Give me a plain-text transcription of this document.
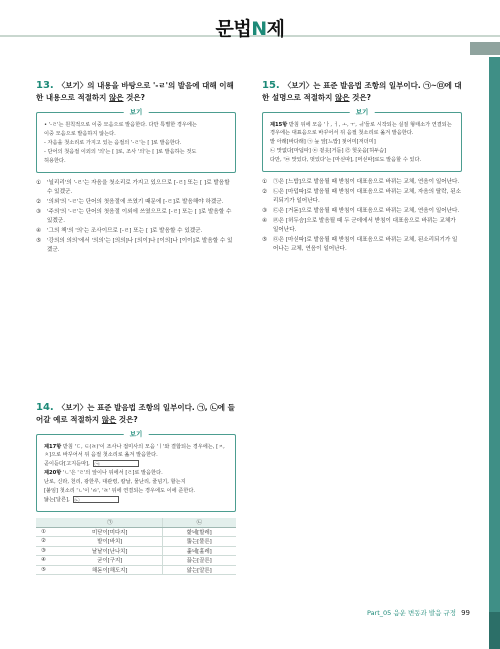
문법N제
13. 〈보기〉의 내용을 바탕으로 '-ㄹ'의 발음에 대해 이해한 내용으로 적절하지 않은 것은?
보기

• '-ㄹ'는 원칙적으로 이중 모음으로 발음한다. 다만 특별한 경우에는

이중 모음으로 발음하지 않는다.

- 자음을 첫소리로 가지고 있는 음절의 '-ㄹ'는 [ ]로 발음한다.

- 단어의 첫음절 이외의 '의'는 [ ]로, 조사 '의'는 [ ]로 발음하는 것도

허용한다.

①	'늴리리'의 '-ㄹ'는 자음을 첫소리로 가지고 있으므로 [-ㄹ] 또는 [ ]로 발음할 수 있겠군.
②	'의외'의 '-ㄹ'는 단어의 첫음절에 쓰였기 때문에 [-ㄹ]로 발음해야 하겠군.
③	'주의'의 '-ㄹ'는 단어의 첫음절 이외에 쓰였으므로 [-ㄹ] 또는 [ ]로 발음할 수 있겠군.
④	'그의 책'의 '의'는 조사이므로 [-ㄹ] 또는 [ ]로 발음할 수 있겠군.
⑤	'강의의 의의'에서 '의의'는 [의의]나 [의이]나 [이의]나 [이이]로 발음할 수 있겠군.
15. 〈보기〉는 표준 발음법 조항의 일부이다. ㉠~㉤에 대한 설명으로 적절하지 않은 것은?
보기

제15항 받침 뒤에 모음 'ㅏ, ㅓ, ㅗ, ㅜ, ㅟ'들로 시작되는 실질 형태소가 연결되는 경우에는 대표음으로 바꾸어서 뒤 음절 첫소리로 옮겨 발음한다.

밭 아래[바다래] ㉠ 늪 앞[느밥] 젖어미[저더미]

㉡ 맛없다[마덥따] ㉢ 겉옷[거돋] ㉣ 헛웃음[허두슴]

다만, '㉤ 맛있다, 멋있다'는 [마싣따], [머싣따]로도 발음할 수 있다.

①	㉠은 [느밥]으로 발음될 때 받침이 대표음으로 바뀌는 교체, 연음이 일어난다.
②	㉡은 [마덥따]로 발음될 때 받침이 대표음으로 바뀌는 교체, 자음의 탈락, 된소리되기가 일어난다.
③	㉢은 [거돋]으로 발음될 때 받침이 대표음으로 바뀌는 교체, 연음이 일어난다.
④	㉣은 [허두슴]으로 발음될 때 두 군데에서 받침이 대표음으로 바뀌는 교체가 일어난다.
⑤	㉤은 [마싣따]로 발음될 때 받침이 대표음으로 바뀌는 교체, 된소리되기가 일어나는 교체, 연음이 일어난다.
14. 〈보기〉는 표준 발음법 조항의 일부이다. ㉠, ㉡에 들어갈 예로 적절하지 않은 것은?
보기

제17항 받침 'ㄷ, ㅌ(ㄾ)'이 조사나 접미사의 모음 'ㅣ'와 결합되는 경우에는, [ㅈ, ㅊ]으로 바꾸어서 뒤 음절 첫소리로 옮겨 발음한다.

곧이듣다[고지듣따], ㉠

제20항 'ㄴ'은 'ㄹ'의 앞이나 뒤에서 [ㄹ]로 발음한다.

난로, 신라, 천리, 광한루, 대관령, 칼날, 물난리, 줄넘기, 할는지

[붙임] 첫소리 'ㄴ'이 'ㅀ', 'ㄾ' 뒤에 연결되는 경우에도 이에 준한다.

닳는[달른], ㉡

	㉠	㉡
①	미닫이[미다지]	핥네[할레]
②	밭이[바치]	뚫는[뚤른]
③	낱낱이[난나치]	훑네[훌레]
④	굳이[구지]	끓는[끌른]
⑤	해돋이[해도지]	앓는[알른]
Part_05 음운 변동과 발음 규정 99
